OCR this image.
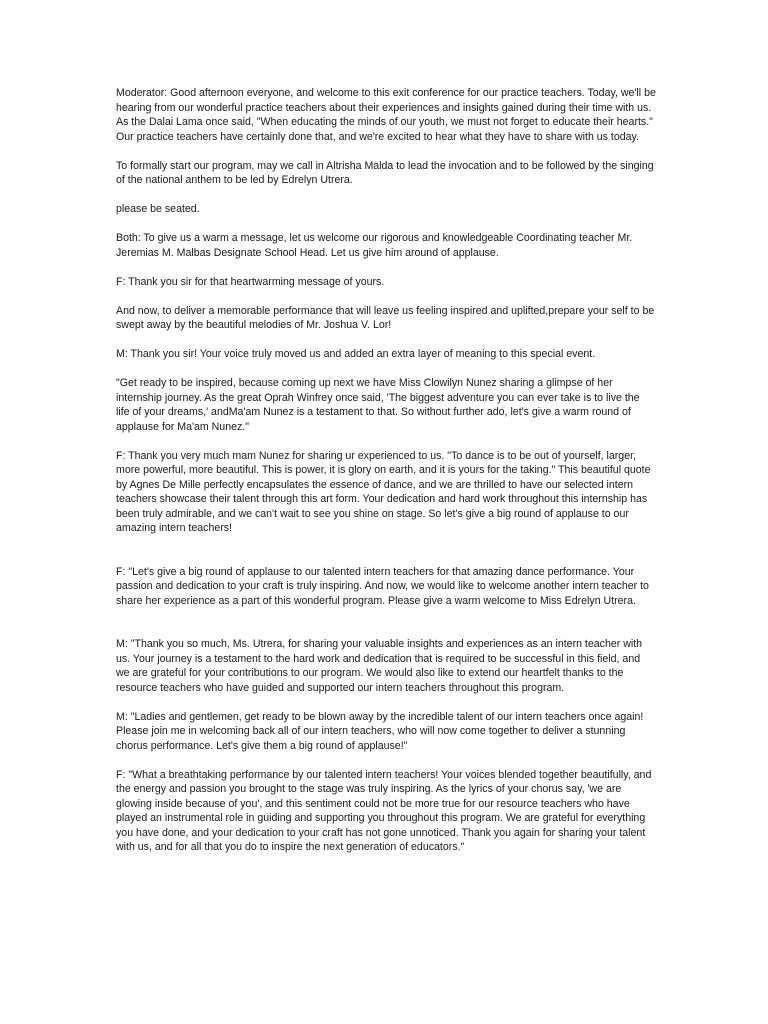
Moderator: Good afternoon everyone, and welcome to this exit conference for our practice teachers. Today, we'll be hearing from our wonderful practice teachers about their experiences and insights gained during their time with us. As the Dalai Lama once said, "When educating the minds of our youth, we must not forget to educate their hearts." Our practice teachers have certainly done that, and we're excited to hear what they have to share with us today.

To formally start our program, may we call in Altrisha Malda to lead the invocation and to be followed by the singing of the national anthem to be led by Edrelyn Utrera.

please be seated.

Both: To give us a warm a message, let us welcome our rigorous and knowledgeable Coordinating teacher Mr. Jeremias M. Malbas Designate School Head. Let us give him around of applause.

F: Thank you sir for that heartwarming message of yours.

And now, to deliver a memorable performance that will leave us feeling inspired and uplifted,prepare your self to be swept away by the beautiful melodies of Mr. Joshua V. Lor!

M: Thank you sir! Your voice truly moved us and added an extra layer of meaning to this special event.

"Get ready to be inspired, because coming up next we have Miss Clowilyn Nunez sharing a glimpse of her internship journey. As the great Oprah Winfrey once said, 'The biggest adventure you can ever take is to live the life of your dreams,' andMa'am Nunez is a testament to that. So without further ado, let's give a warm round of applause for Ma'am Nunez."

F: Thank you very much mam Nunez for sharing ur experienced to us. "To dance is to be out of yourself, larger, more powerful, more beautiful. This is power, it is glory on earth, and it is yours for the taking." This beautiful quote by Agnes De Mille perfectly encapsulates the essence of dance, and we are thrilled to have our selected intern teachers showcase their talent through this art form. Your dedication and hard work throughout this internship has been truly admirable, and we can't wait to see you shine on stage. So let's give a big round of applause to our amazing intern teachers!

F: "Let's give a big round of applause to our talented intern teachers for that amazing dance performance. Your passion and dedication to your craft is truly inspiring. And now, we would like to welcome another intern teacher to share her experience as a part of this wonderful program. Please give a warm welcome to Miss Edrelyn Utrera.

M: "Thank you so much, Ms. Utrera, for sharing your valuable insights and experiences as an intern teacher with us. Your journey is a testament to the hard work and dedication that is required to be successful in this field, and we are grateful for your contributions to our program. We would also like to extend our heartfelt thanks to the resource teachers who have guided and supported our intern teachers throughout this program.

M: "Ladies and gentlemen, get ready to be blown away by the incredible talent of our intern teachers once again! Please join me in welcoming back all of our intern teachers, who will now come together to deliver a stunning chorus performance. Let's give them a big round of applause!"

F: "What a breathtaking performance by our talented intern teachers! Your voices blended together beautifully, and the energy and passion you brought to the stage was truly inspiring. As the lyrics of your chorus say, 'we are glowing inside because of you', and this sentiment could not be more true for our resource teachers who have played an instrumental role in guiding and supporting you throughout this program. We are grateful for everything you have done, and your dedication to your craft has not gone unnoticed. Thank you again for sharing your talent with us, and for all that you do to inspire the next generation of educators."
